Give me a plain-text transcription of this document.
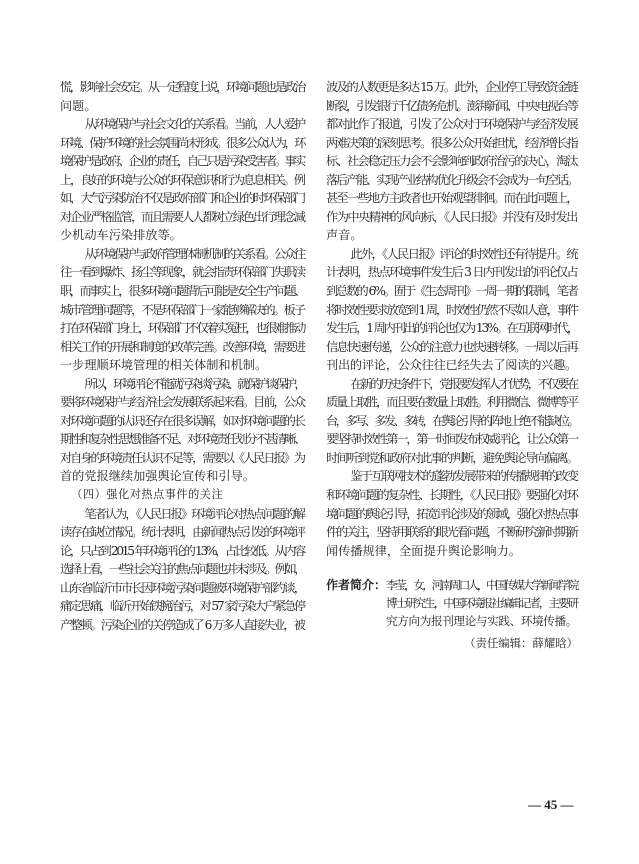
慌，影响社会安定。从一定程度上说，环境问题也是政治
问题。
从环境保护与社会文化的关系看。当前，人人爱护
环境、保护环境的社会氛围尚未形成。很多公众认为，环
境保护是政府、企业的责任，自己只是污染受害者。事实
上，良好的环境与公众的环保意识和行为息息相关。例
如，大气污染防治不仅是政府部门和企业的时环保部门
对企业严格监管，而且需要人人都树立绿色出行理念减
少机动车污染排放等。
从环境保护与政府管理体制机制的关系看。公众往
往一看到爆炸、扬尘等现象，就会指责环保部门失职渎
职，而事实上，很多环境问题背后可能是安全生产问题、
城市管理问题等，不是环保部门一家能够解决的。板子
打在环保部门身上，环保部门不仅着实冤枉，也很难推动
相关工作的开展和制度的改革完善。改善环境，需要进
一步理顺环境管理的相关体制和机制。
所以，环境评论不能就污染谈污染、就保护谈保护，
要将环境保护与经济社会发展联系起来看。目前，公众
对环境问题的认识还存在很多误解，如对环境问题的长
期性和复杂性思想准备不足、对环境责任划分不甚清晰、
对自身的环境责任认识不足等，需要以《人民日报》为
首的党报继续加强舆论宣传和引导。
（四）强化对热点事件的关注
笔者认为，《人民日报》环境评论对热点问题的解
读存在缺位情况。统计表明，由新闻热点引发的环境评
论，只占到 2015 年环境评论的 13%，占比较低。从内容
选择上看，一些社会关注的焦点问题也并未涉及。例如，
山东省临沂市市长因环境污染问题被环境保护部约谈，
痛定思痛，临沂开始铁腕治污，对 57 家污染大户紧急停
产整顿。污染企业的关停造成了 6 万多人直接失业，被
波及的人数更是多达 15 万。此外，企业停工导致资金链
断裂，引发银行千亿债务危机。澎湃新闻、中央电视台等
都对此作了报道，引发了公众对于环境保护与经济发展
两难决策的深刻思考。很多公众开始担忧，经济增长指
标、社会稳定压力会不会影响到政府治污的决心，淘汰
落后产能、实现产业结构优化升级会不会成为一句空话。
甚至一些地方主政者也开始观望徘徊。而在此问题上，
作为中央精神的风向标，《人民日报》并没有及时发出
声音。
此外，《人民日报》评论的时效性还有待提升。统
计表明，热点环境事件发生后 3 日内刊发出的评论仅占
到总数的 6%。囿于《生态周刊》一周一期的限制，笔者
将时效性要求放宽到 1 周，时效性仍然不尽如人意，事件
发生后，1 周内刊出的评论也仅为 13%。在互联网时代，
信息快速传递，公众的注意力也快速转移。一周以后再
刊出的评论，公众往往已经失去了阅读的兴趣。
在新的历史条件下，党报要发挥人才优势，不仅要在
质量上取胜，而且要在数量上取胜。利用微信、微博等平
台，多写、多发、多转，在舆论引导的阵地上绝不能缺位。
要坚持时效性第一，第一时间发布权威评论，让公众第一
时间听到党和政府对此事的判断，避免舆论导向偏离。
鉴于互联网技术的蓬勃发展带来的传播规律的改变
和环境问题的复杂性、长期性，《人民日报》要强化对环
境问题的舆论引导，拓宽评论涉及的领域，强化对热点事
件的关注，坚持用联系的眼光看问题，不断研究新时期新
闻传播规律，全面提升舆论影响力。
作者简介： 李莹，女，河南周口人，中国传媒大学新闻学院
博士研究生，中国环境报社编辑记者，主要研
究方向为报刊理论与实践、环境传播。
（责任编辑：薛耀晗）
— 45 —
